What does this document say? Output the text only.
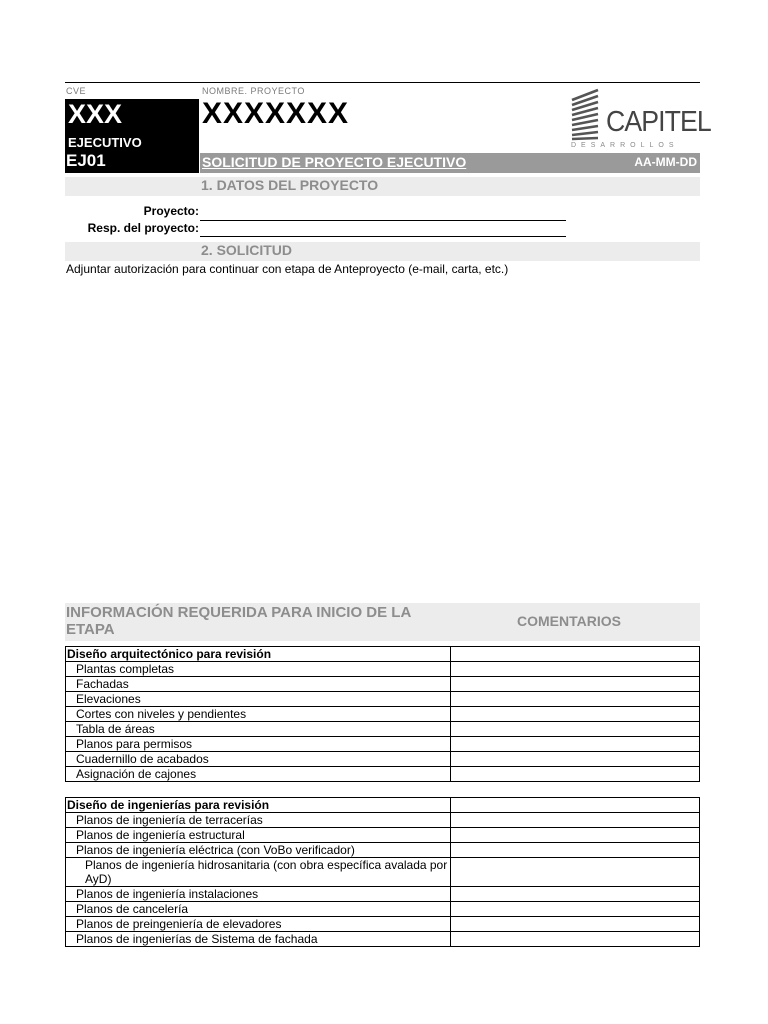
CVE	NOMBRE. PROYECTO
XXX
EJECUTIVO
EJ01
XXXXXXX	CAPITEL
DESARROLLOS
SOLICITUD DE PROYECTO EJECUTIVO	AA-MM-DD
1. DATOS DEL PROYECTO
Proyecto:
Resp. del proyecto:
2. SOLICITUD
Adjuntar autorización para continuar con etapa de Anteproyecto (e-mail, carta, etc.)
INFORMACIÓN REQUERIDA PARA INICIO DE LA ETAPA	COMENTARIOS
Diseño arquitectónico para revisión	
Plantas completas	
Fachadas	
Elevaciones	
Cortes con niveles y pendientes	
Tabla de áreas	
Planos para permisos	
Cuadernillo de acabados	
Asignación de cajones	
Diseño de ingenierías para revisión	
Planos de ingeniería de terracerías	
Planos de ingeniería estructural	
Planos de ingeniería eléctrica (con VoBo verificador)	
Planos de ingeniería hidrosanitaria (con obra específica avalada por AyD)	
Planos de ingeniería instalaciones	
Planos de cancelería	
Planos de preingeniería de elevadores	
Planos de ingenierías de Sistema de fachada	
